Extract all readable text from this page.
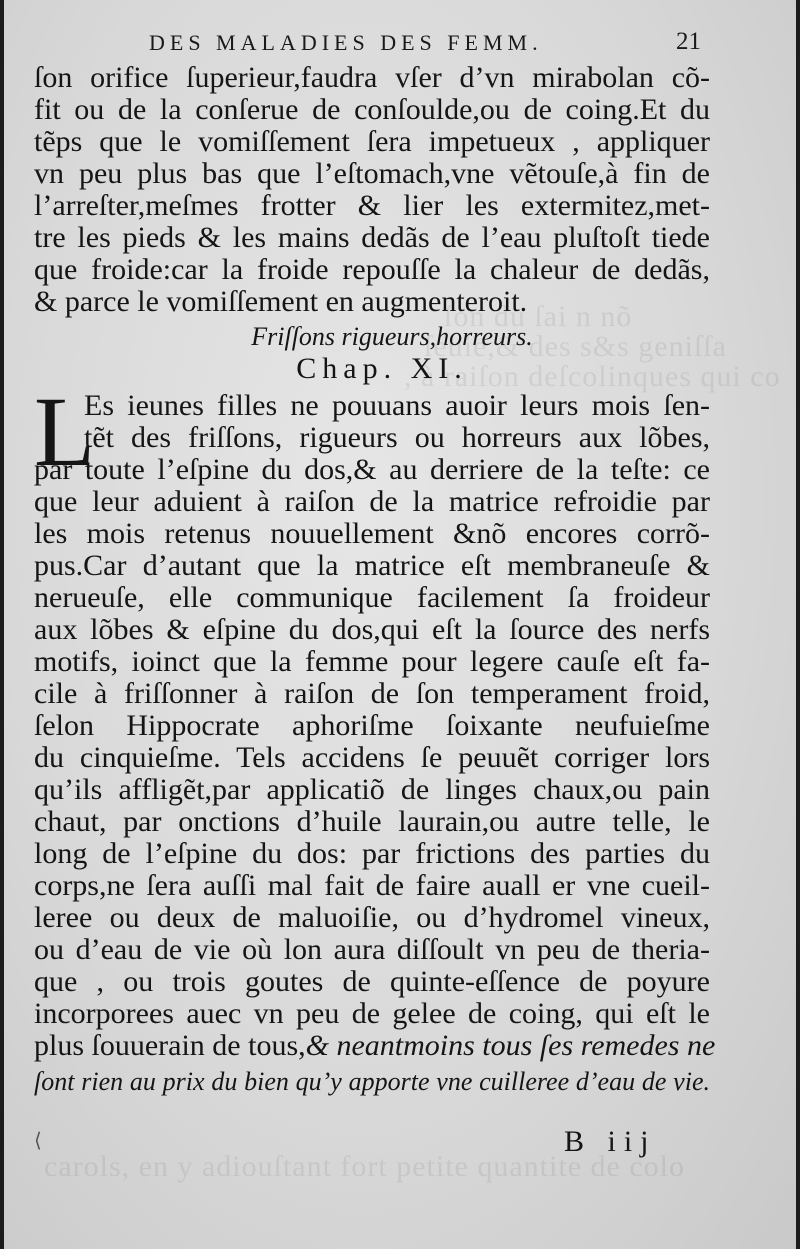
ſon du ſai n nõ
ſeuie,& des s&s geniſſa
, à raiſon deſcolinques qui co
carols, en y adiouſtant fort petite quantite de colo
DES MALADIES DES FEMM.	21
ſon orifice ſuperieur,faudra vſer d’vn mirabolan cõ-
fit ou de la conſerue de conſoulde,ou de coing.Et du
tẽps que le vomiſſement ſera impetueux , appliquer
vn peu plus bas que l’eſtomach,vne vẽtouſe,à fin de
l’arreſter,meſmes frotter & lier les extermitez,met-
tre les pieds & les mains dedãs de l’eau pluſtoſt tiede
que froide:car la froide repouſſe la chaleur de dedãs,
& parce le vomiſſement en augmenteroit.
Friſſons rigueurs,horreurs.
Chap. XI.
L
Es ieunes filles ne pouuans auoir leurs mois ſen-
tẽt des friſſons, rigueurs ou horreurs aux lõbes,
par toute l’eſpine du dos,& au derriere de la teſte: ce
que leur aduient à raiſon de la matrice refroidie par
les mois retenus nouuellement &nõ encores corrõ-
pus.Car d’autant que la matrice eſt membraneuſe &
nerueuſe, elle communique facilement ſa froideur
aux lõbes & eſpine du dos,qui eſt la ſource des nerfs
motifs, ioinct que la femme pour legere cauſe eſt fa-
cile à friſſonner à raiſon de ſon temperament froid,
ſelon Hippocrate aphoriſme ſoixante neufuieſme
du cinquieſme. Tels accidens ſe peuuẽt corriger lors
qu’ils affligẽt,par applicatiõ de linges chaux,ou pain
chaut, par onctions d’huile laurain,ou autre telle, le
long de l’eſpine du dos: par frictions des parties du
corps,ne ſera auſſi mal fait de faire auall er vne cueil-
leree ou deux de maluoiſie, ou d’hydromel vineux,
ou d’eau de vie où lon aura diſſoult vn peu de theria-
que , ou trois goutes de quinte-eſſence de poyure
incorporees auec vn peu de gelee de coing, qui eſt le
plus ſouuerain de tous,& neantmoins tous ſes remedes ne
ſont rien au prix du bien qu’y apporte vne cuilleree d’eau de vie.
⟨	B iij
